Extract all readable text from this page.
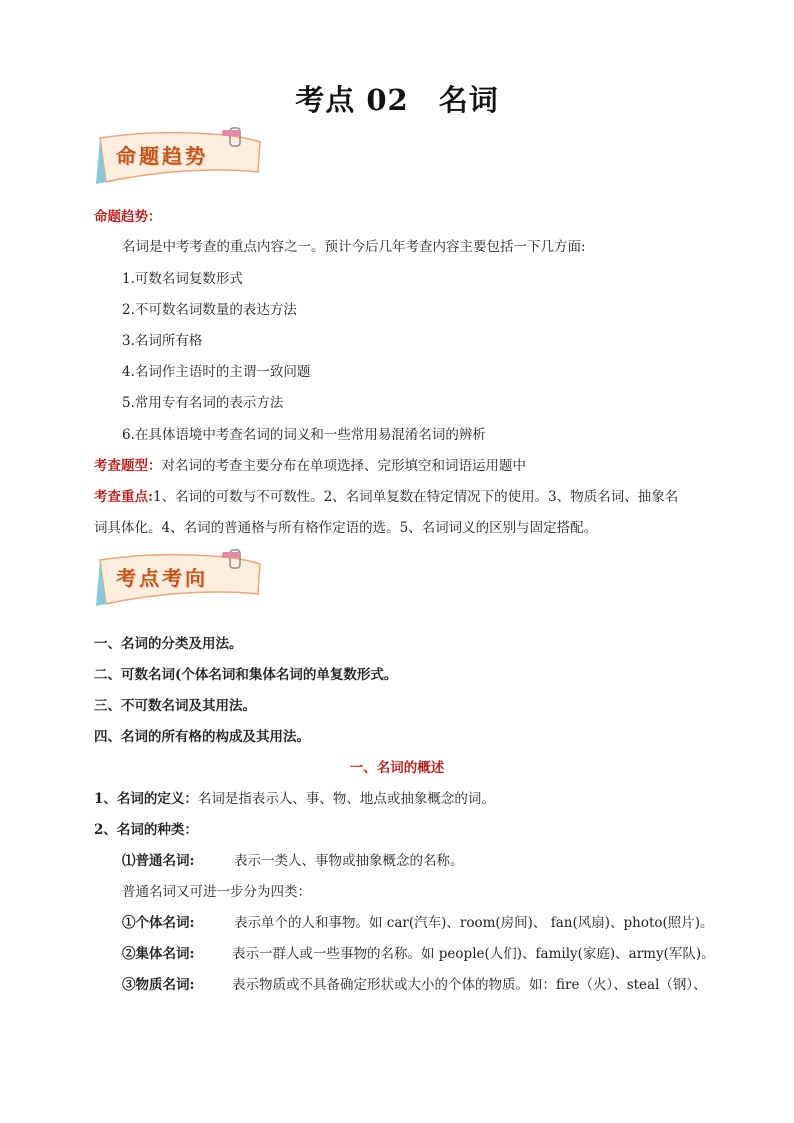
考点 02 名词
命题趋势
命题趋势：
名词是中考考查的重点内容之一。预计今后几年考查内容主要包括一下几方面:
1.可数名词复数形式
2.不可数名词数量的表达方法
3.名词所有格
4.名词作主语时的主谓一致问题
5.常用专有名词的表示方法
6.在具体语境中考查名词的词义和一些常用易混淆名词的辨析
考查题型：对名词的考查主要分布在单项选择、完形填空和词语运用题中
考查重点:1、名词的可数与不可数性。2、名词单复数在特定情况下的使用。3、物质名词、抽象名
词具体化。4、名词的普通格与所有格作定语的选。5、名词词义的区别与固定搭配。
考点考向
一、名词的分类及用法。
二、可数名词(个体名词和集体名词的单复数形式。
三、不可数名词及其用法。
四、名词的所有格的构成及其用法。
一、名词的概述
1、名词的定义：名词是指表示人、事、物、地点或抽象概念的词。
2、名词的种类：
⑴普通名词:	表示一类人、事物或抽象概念的名称。
普通名词又可进一步分为四类：
①个体名词:	表示单个的人和事物。如 car(汽车)、room(房间)、 fan(风扇)、photo(照片)。
②集体名词:	表示一群人或一些事物的名称。如 people(人们)、family(家庭)、army(军队)。
③物质名词:	表示物质或不具备确定形状或大小的个体的物质。如：fire（火）、steal（钢）、
